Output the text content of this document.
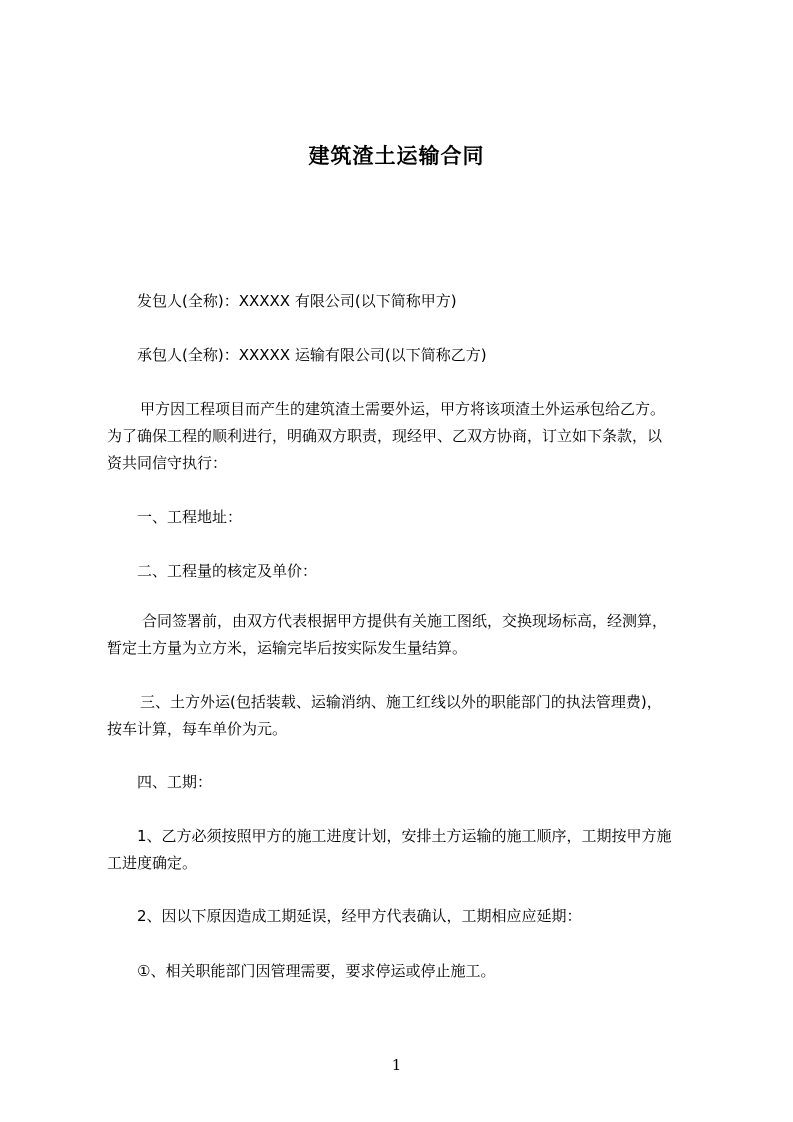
建筑渣土运输合同
发包人(全称)：XXXXX 有限公司(以下简称甲方)
承包人(全称)：XXXXX 运输有限公司(以下简称乙方)
甲方因工程项目而产生的建筑渣土需要外运，甲方将该项渣土外运承包给乙方。
为了确保工程的顺利进行，明确双方职责，现经甲、乙双方协商，订立如下条款，以
资共同信守执行：
一、工程地址：
二、工程量的核定及单价：
合同签署前，由双方代表根据甲方提供有关施工图纸，交换现场标高，经测算，
暂定土方量为立方米，运输完毕后按实际发生量结算。
三、土方外运(包括装载、运输消纳、施工红线以外的职能部门的执法管理费)，
按车计算，每车单价为元。
四、工期：
1、乙方必须按照甲方的施工进度计划，安排土方运输的施工顺序，工期按甲方施
工进度确定。
2、因以下原因造成工期延误，经甲方代表确认，工期相应应延期：
①、相关职能部门因管理需要，要求停运或停止施工。
1
